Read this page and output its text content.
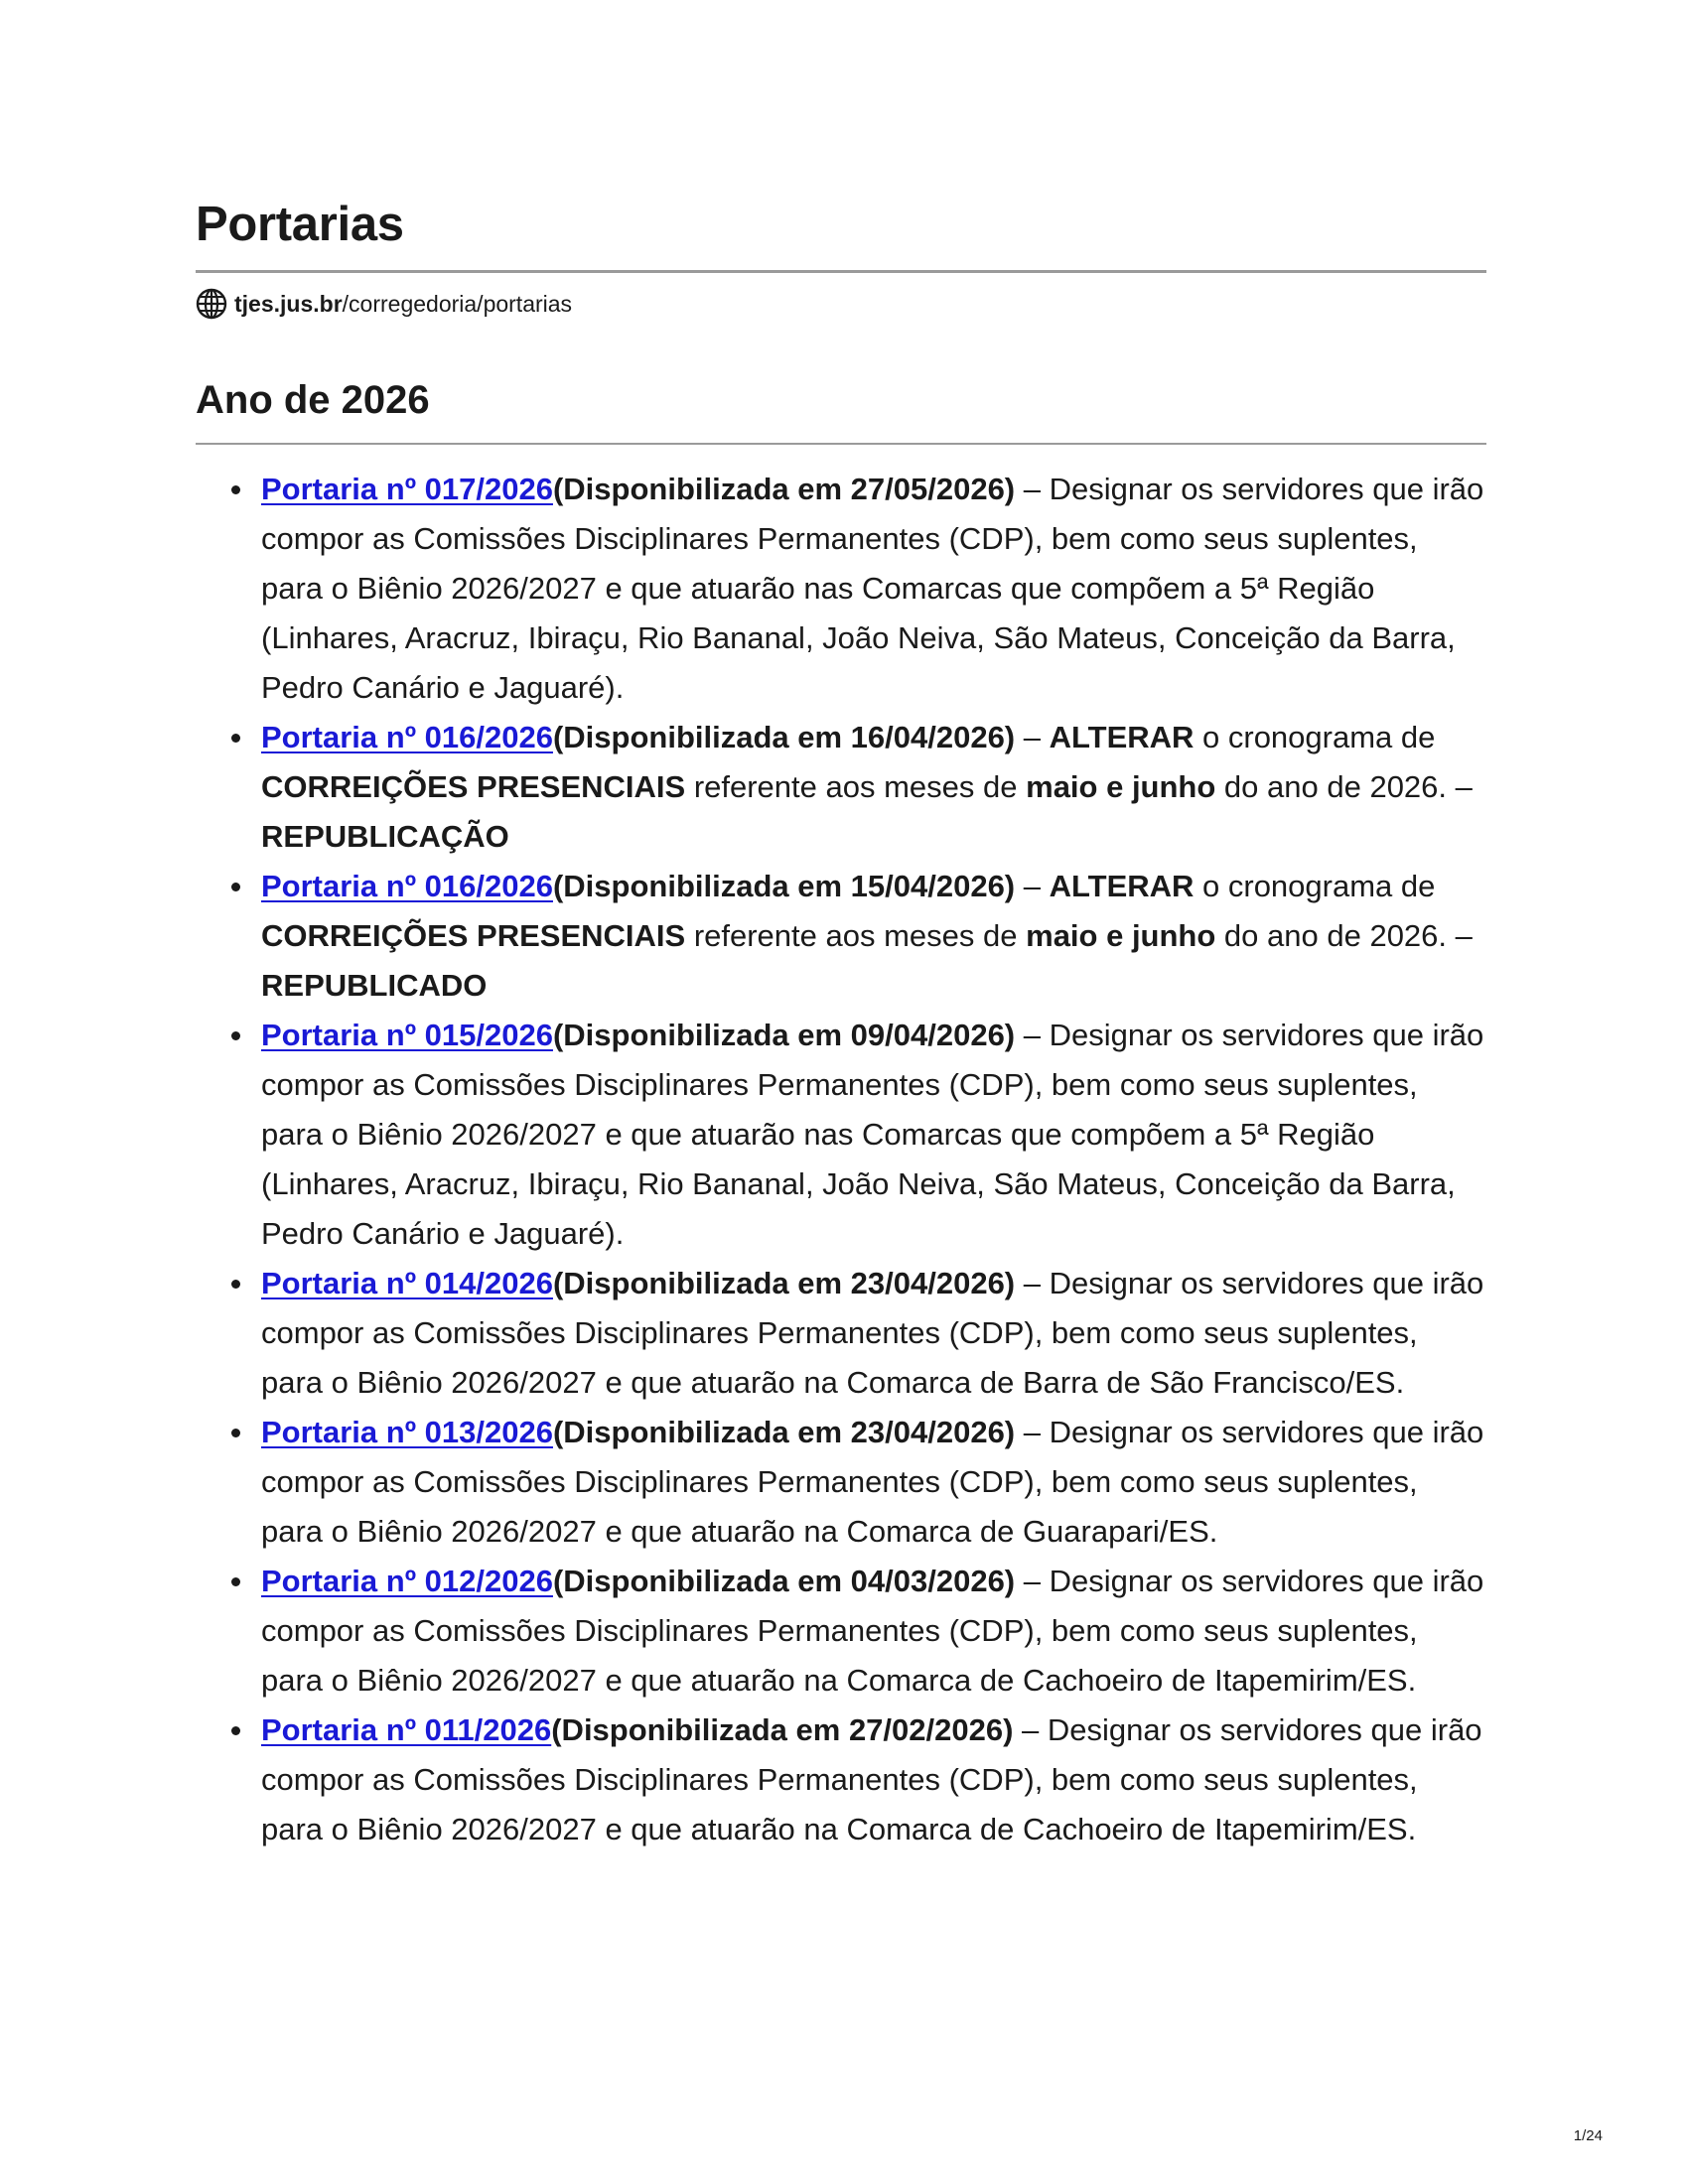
Portarias
tjes.jus.br /corregedoria/portarias
Ano de 2026
Portaria nº 017/2026(Disponibilizada em 27/05/2026) – Designar os servidores que irão compor as Comissões Disciplinares Permanentes (CDP), bem como seus suplentes, para o Biênio 2026/2027 e que atuarão nas Comarcas que compõem a 5ª Região (Linhares, Aracruz, Ibiraçu, Rio Bananal, João Neiva, São Mateus, Conceição da Barra, Pedro Canário e Jaguaré).
Portaria nº 016/2026(Disponibilizada em 16/04/2026) – ALTERAR o cronograma de CORREIÇÕES PRESENCIAIS referente aos meses de maio e junho do ano de 2026. – REPUBLICAÇÃO
Portaria nº 016/2026(Disponibilizada em 15/04/2026) – ALTERAR o cronograma de CORREIÇÕES PRESENCIAIS referente aos meses de maio e junho do ano de 2026. – REPUBLICADO
Portaria nº 015/2026(Disponibilizada em 09/04/2026) – Designar os servidores que irão compor as Comissões Disciplinares Permanentes (CDP), bem como seus suplentes, para o Biênio 2026/2027 e que atuarão nas Comarcas que compõem a 5ª Região (Linhares, Aracruz, Ibiraçu, Rio Bananal, João Neiva, São Mateus, Conceição da Barra, Pedro Canário e Jaguaré).
Portaria nº 014/2026(Disponibilizada em 23/04/2026) – Designar os servidores que irão compor as Comissões Disciplinares Permanentes (CDP), bem como seus suplentes, para o Biênio 2026/2027 e que atuarão na Comarca de Barra de São Francisco/ES.
Portaria nº 013/2026(Disponibilizada em 23/04/2026) – Designar os servidores que irão compor as Comissões Disciplinares Permanentes (CDP), bem como seus suplentes, para o Biênio 2026/2027 e que atuarão na Comarca de Guarapari/ES.
Portaria nº 012/2026(Disponibilizada em 04/03/2026) – Designar os servidores que irão compor as Comissões Disciplinares Permanentes (CDP), bem como seus suplentes, para o Biênio 2026/2027 e que atuarão na Comarca de Cachoeiro de Itapemirim/ES.
Portaria nº 011/2026(Disponibilizada em 27/02/2026) – Designar os servidores que irão compor as Comissões Disciplinares Permanentes (CDP), bem como seus suplentes, para o Biênio 2026/2027 e que atuarão na Comarca de Cachoeiro de Itapemirim/ES.
1/24
